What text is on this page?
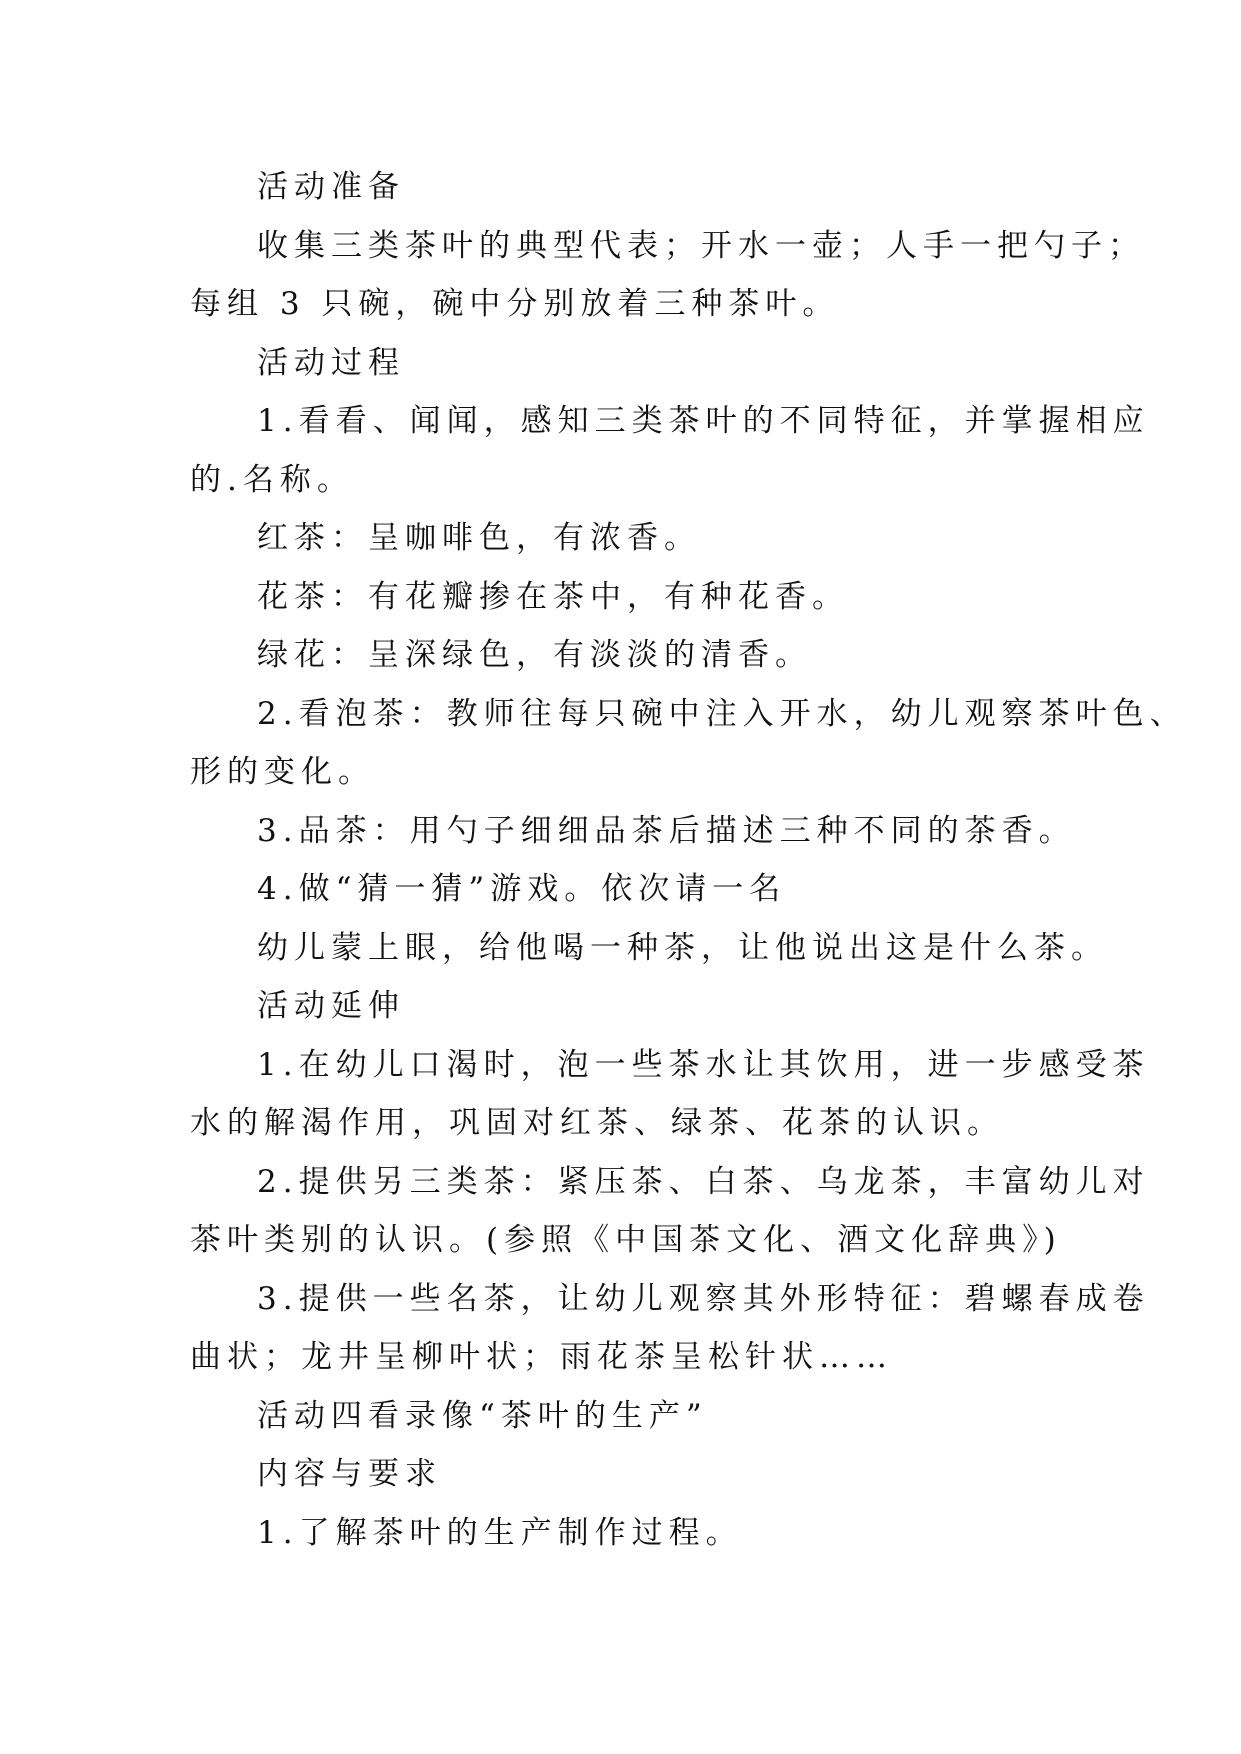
活动准备

收集三类茶叶的典型代表；开水一壶；人手一把勺子；

每组 3 只碗，碗中分别放着三种茶叶。

活动过程

1.看看、闻闻，感知三类茶叶的不同特征，并掌握相应

的.名称。

红茶：呈咖啡色，有浓香。

花茶：有花瓣掺在茶中，有种花香。

绿花：呈深绿色，有淡淡的清香。

2.看泡茶：教师往每只碗中注入开水，幼儿观察茶叶色、

形的变化。

3.品茶：用勺子细细品茶后描述三种不同的茶香。

4.做“猜一猜”游戏。依次请一名

幼儿蒙上眼，给他喝一种茶，让他说出这是什么茶。

活动延伸

1.在幼儿口渴时，泡一些茶水让其饮用，进一步感受茶

水的解渴作用，巩固对红茶、绿茶、花茶的认识。

2.提供另三类茶：紧压茶、白茶、乌龙茶，丰富幼儿对

茶叶类别的认识。(参照《中国茶文化、酒文化辞典》)

3.提供一些名茶，让幼儿观察其外形特征：碧螺春成卷

曲状；龙井呈柳叶状；雨花茶呈松针状……

活动四看录像“茶叶的生产”

内容与要求

1.了解茶叶的生产制作过程。
